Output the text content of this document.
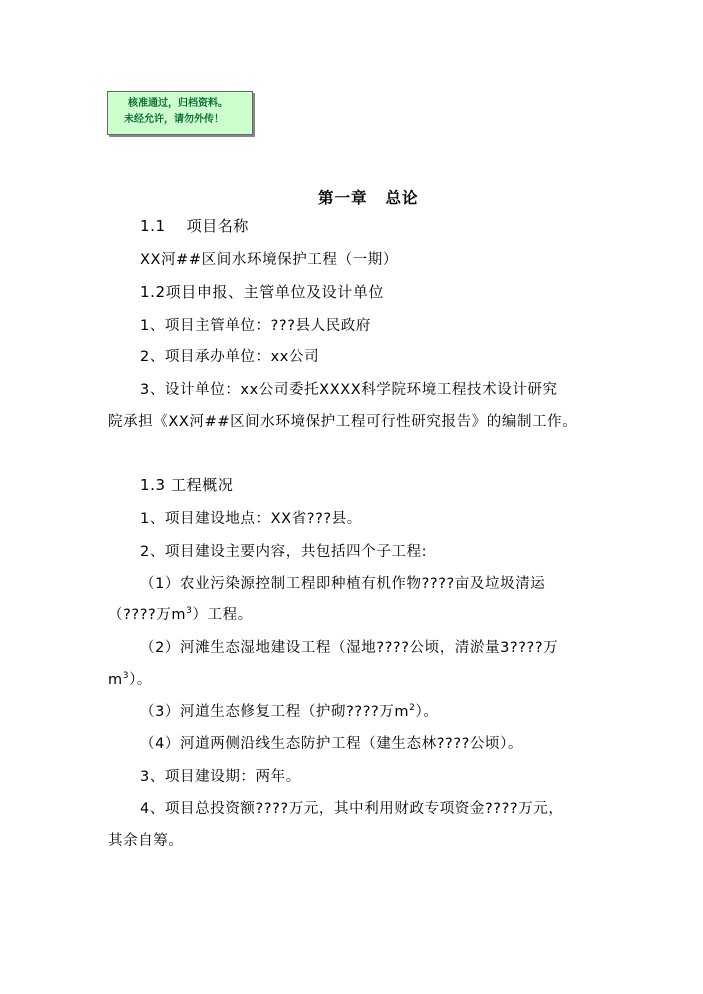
核准通过，归档资料。
未经允许，请勿外传！
第一章 总论
1.1　 项目名称
XX河##区间水环境保护工程（一期）
1.2项目申报、主管单位及设计单位
1、项目主管单位：???县人民政府
2、项目承办单位：xx公司
3、设计单位：xx公司委托XXXX科学院环境工程技术设计研究
院承担《XX河##区间水环境保护工程可行性研究报告》的编制工作。
1.3 工程概况
1、项目建设地点：XX省???县。
2、项目建设主要内容，共包括四个子工程:
（1）农业污染源控制工程即种植有机作物????亩及垃圾清运
（????万$m^3$）工程。
（2）河滩生态湿地建设工程（湿地????公顷，清淤量3????万
$m^3$）。
（3）河道生态修复工程（护砌????万$m^2$）。
（4）河道两侧沿线生态防护工程（建生态林????公顷）。
3、项目建设期：两年。
4、项目总投资额????万元，其中利用财政专项资金????万元，
其余自筹。
